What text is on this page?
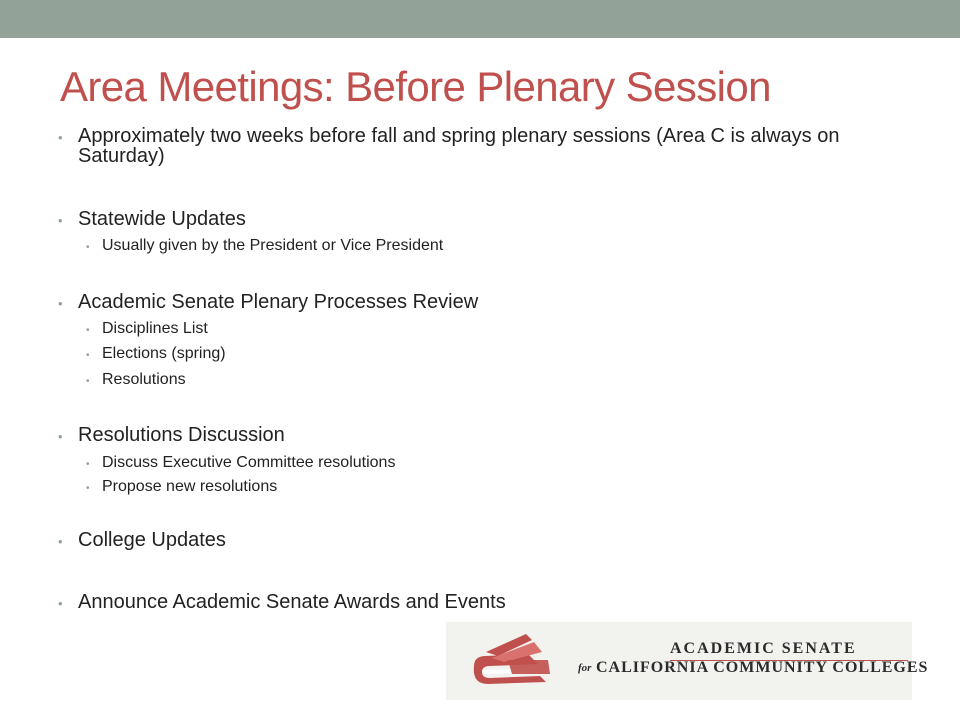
Area Meetings: Before Plenary Session
• Approximately two weeks before fall and spring plenary sessions (Area C is always on Saturday)
• Statewide Updates
• Usually given by the President or Vice President
• Academic Senate Plenary Processes Review
• Disciplines List
• Elections (spring)
• Resolutions
• Resolutions Discussion
• Discuss Executive Committee resolutions
• Propose new resolutions
• College Updates
• Announce Academic Senate Awards and Events
ACADEMIC SENATE
for CALIFORNIA COMMUNITY COLLEGES
